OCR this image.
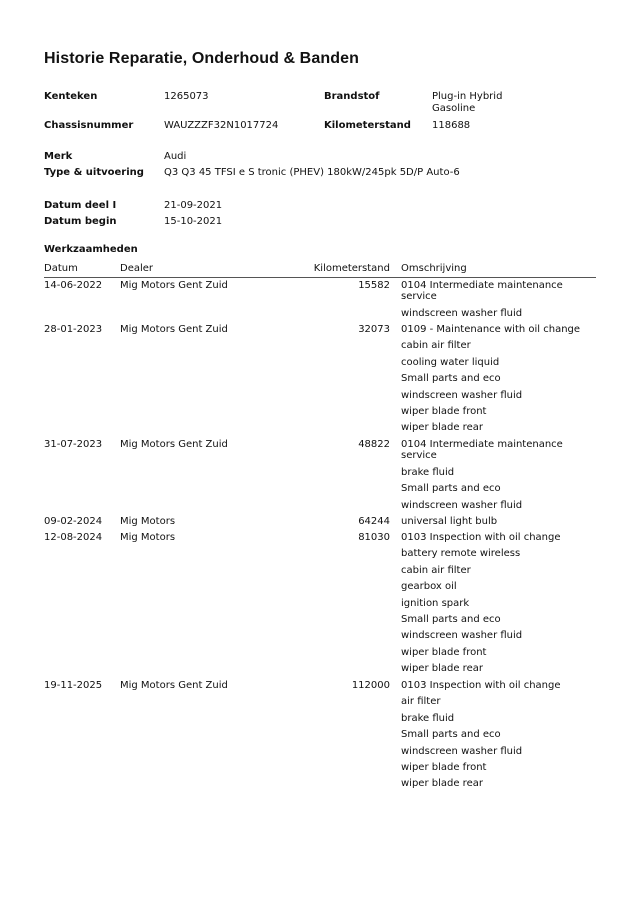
Historie Reparatie, Onderhoud & Banden
Kenteken	1265073	Brandstof	Plug-in Hybrid
Gasoline
Chassisnummer	WAUZZZF32N1017724	Kilometerstand 118688
Merk	Audi
Type & uitvoering Q3 Q3 45 TFSI e S tronic (PHEV) 180kW/245pk 5D/P Auto-6
Datum deel I	21-09-2021
Datum begin	15-10-2021
Werkzaamheden
Datum	Dealer	Kilometerstand Omschrijving
14-06-2022 Mig Motors Gent Zuid	15582 0104 Intermediate maintenance service
windscreen washer fluid
28-01-2023 Mig Motors Gent Zuid	32073 0109 - Maintenance with oil change
cabin air filter
cooling water liquid
Small parts and eco
windscreen washer fluid
wiper blade front
wiper blade rear
31-07-2023 Mig Motors Gent Zuid	48822 0104 Intermediate maintenance service
brake fluid
Small parts and eco
windscreen washer fluid
09-02-2024 Mig Motors	64244 universal light bulb
12-08-2024 Mig Motors	81030 0103 Inspection with oil change
battery remote wireless
cabin air filter
gearbox oil
ignition spark
Small parts and eco
windscreen washer fluid
wiper blade front
wiper blade rear
19-11-2025 Mig Motors Gent Zuid	112000 0103 Inspection with oil change
air filter
brake fluid
Small parts and eco
windscreen washer fluid
wiper blade front
wiper blade rear
